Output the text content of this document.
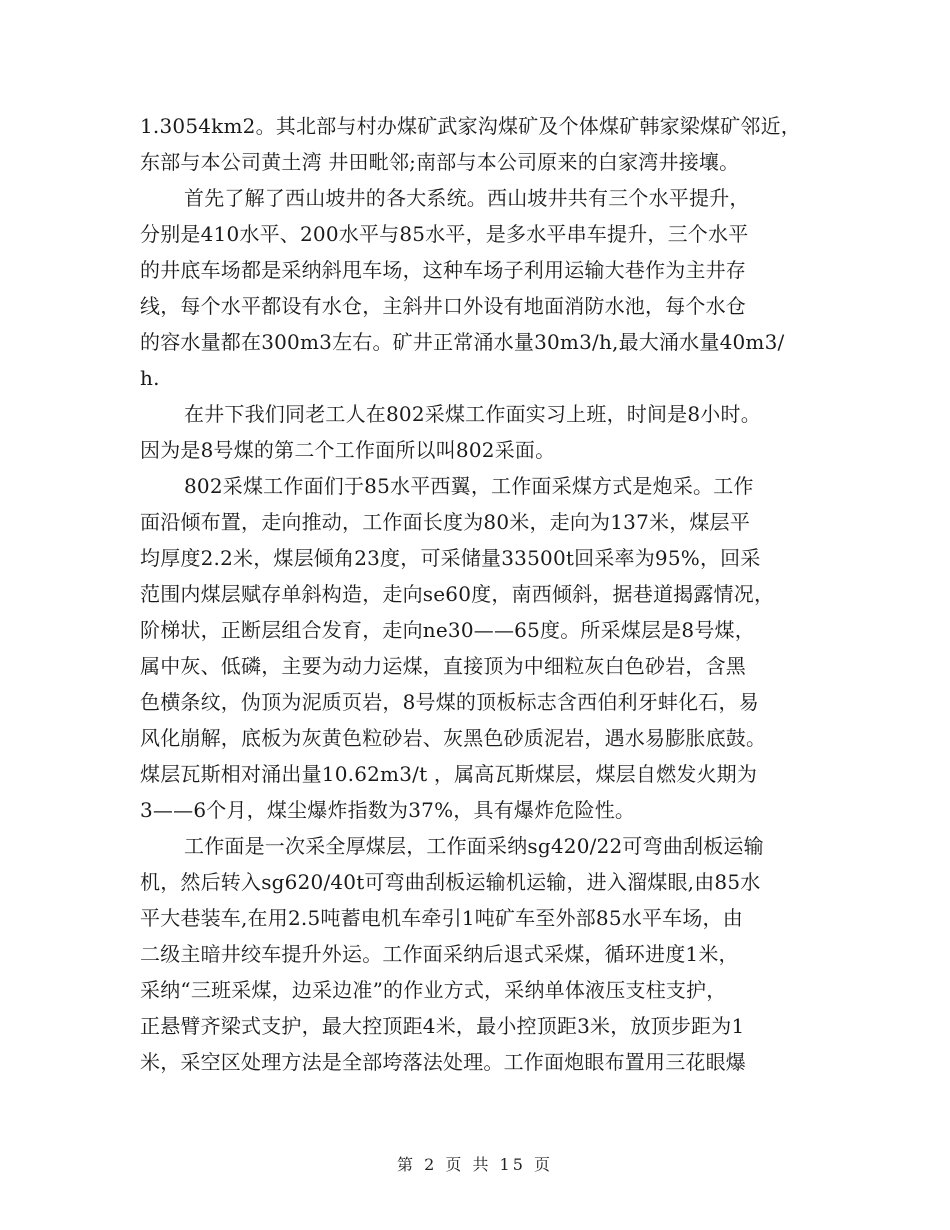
1.3054km2。其北部与村办煤矿武家沟煤矿及个体煤矿韩家梁煤矿邻近，
东部与本公司黄土湾 井田毗邻;南部与本公司原来的白家湾井接壤。
首先了解了西山坡井的各大系统。西山坡井共有三个水平提升，
分别是410水平、200水平与85水平，是多水平串车提升，三个水平
的井底车场都是采纳斜甩车场，这种车场子利用运输大巷作为主井存
线，每个水平都设有水仓，主斜井口外设有地面消防水池，每个水仓
的容水量都在300m3左右。矿井正常涌水量30m3/h,最大涌水量40m3/
h.
在井下我们同老工人在802采煤工作面实习上班，时间是8小时。
因为是8号煤的第二个工作面所以叫802采面。
802采煤工作面们于85水平西翼，工作面采煤方式是炮采。工作
面沿倾布置，走向推动，工作面长度为80米，走向为137米，煤层平
均厚度2.2米，煤层倾角23度，可采储量33500t回采率为95%，回采
范围内煤层赋存单斜构造，走向se60度，南西倾斜，据巷道揭露情况，
阶梯状，正断层组合发育，走向ne30——65度。所采煤层是8号煤，
属中灰、低磷，主要为动力运煤，直接顶为中细粒灰白色砂岩，含黑
色横条纹，伪顶为泥质页岩，8号煤的顶板标志含西伯利牙蚌化石，易
风化崩解，底板为灰黄色粒砂岩、灰黑色砂质泥岩，遇水易膨胀底鼓。
煤层瓦斯相对涌出量10.62m3/t ，属高瓦斯煤层，煤层自燃发火期为
3——6个月，煤尘爆炸指数为37%，具有爆炸危险性。
工作面是一次采全厚煤层，工作面采纳sg420/22可弯曲刮板运输
机，然后转入sg620/40t可弯曲刮板运输机运输，进入溜煤眼,由85水
平大巷装车,在用2.5吨蓄电机车牵引1吨矿车至外部85水平车场，由
二级主暗井绞车提升外运。工作面采纳后退式采煤，循环进度1米，
采纳“三班采煤，边采边准”的作业方式，采纳单体液压支柱支护，
正悬臂齐梁式支护，最大控顶距4米，最小控顶距3米，放顶步距为1
米，采空区处理方法是全部垮落法处理。工作面炮眼布置用三花眼爆
第 2 页 共 15 页
